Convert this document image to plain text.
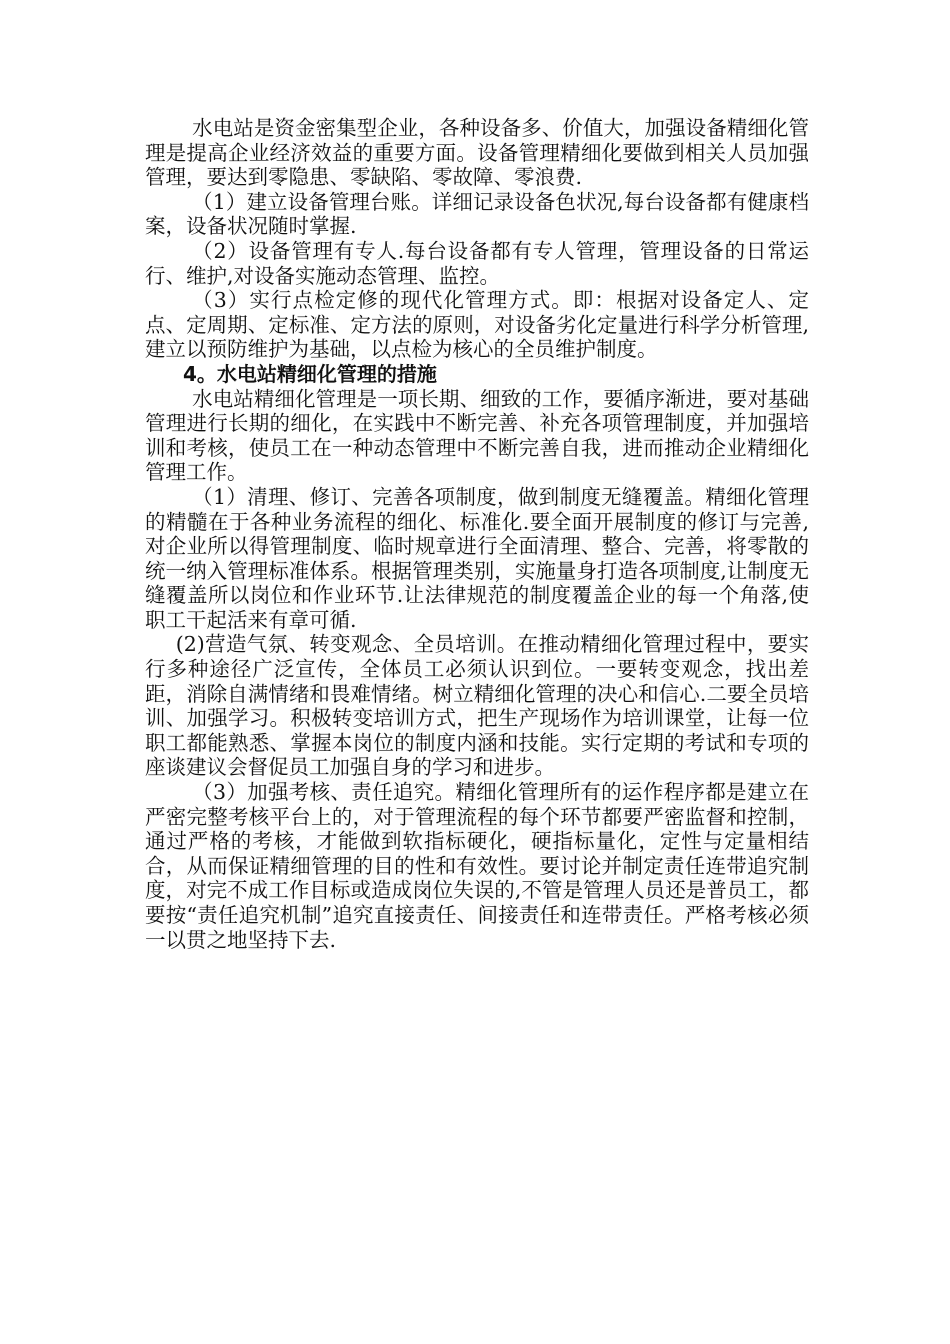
水电站是资金密集型企业，各种设备多、价值大，加强设备精细化管理是提高企业经济效益的重要方面。设备管理精细化要做到相关人员加强管理，要达到零隐患、零缺陷、零故障、零浪费.

（1）建立设备管理台账。详细记录设备色状况,每台设备都有健康档案，设备状况随时掌握.

（2）设备管理有专人.每台设备都有专人管理，管理设备的日常运行、维护,对设备实施动态管理、监控。

（3）实行点检定修的现代化管理方式。即：根据对设备定人、定点、定周期、定标准、定方法的原则，对设备劣化定量进行科学分析管理,建立以预防维护为基础，以点检为核心的全员维护制度。

4。水电站精细化管理的措施

水电站精细化管理是一项长期、细致的工作，要循序渐进，要对基础管理进行长期的细化，在实践中不断完善、补充各项管理制度，并加强培训和考核，使员工在一种动态管理中不断完善自我，进而推动企业精细化管理工作。

（1）清理、修订、完善各项制度，做到制度无缝覆盖。精细化管理的精髓在于各种业务流程的细化、标准化.要全面开展制度的修订与完善,对企业所以得管理制度、临时规章进行全面清理、整合、完善，将零散的统一纳入管理标准体系。根据管理类别，实施量身打造各项制度,让制度无缝覆盖所以岗位和作业环节.让法律规范的制度覆盖企业的每一个角落,使职工干起活来有章可循.

(2)营造气氛、转变观念、全员培训。在推动精细化管理过程中，要实行多种途径广泛宣传，全体员工必须认识到位。一要转变观念，找出差距，消除自满情绪和畏难情绪。树立精细化管理的决心和信心.二要全员培训、加强学习。积极转变培训方式，把生产现场作为培训课堂，让每一位职工都能熟悉、掌握本岗位的制度内涵和技能。实行定期的考试和专项的座谈建议会督促员工加强自身的学习和进步。

（3）加强考核、责任追究。精细化管理所有的运作程序都是建立在严密完整考核平台上的，对于管理流程的每个环节都要严密监督和控制，通过严格的考核，才能做到软指标硬化，硬指标量化，定性与定量相结合，从而保证精细管理的目的性和有效性。要讨论并制定责任连带追究制度，对完不成工作目标或造成岗位失误的,不管是管理人员还是普员工，都要按“责任追究机制”追究直接责任、间接责任和连带责任。严格考核必须一以贯之地坚持下去.
